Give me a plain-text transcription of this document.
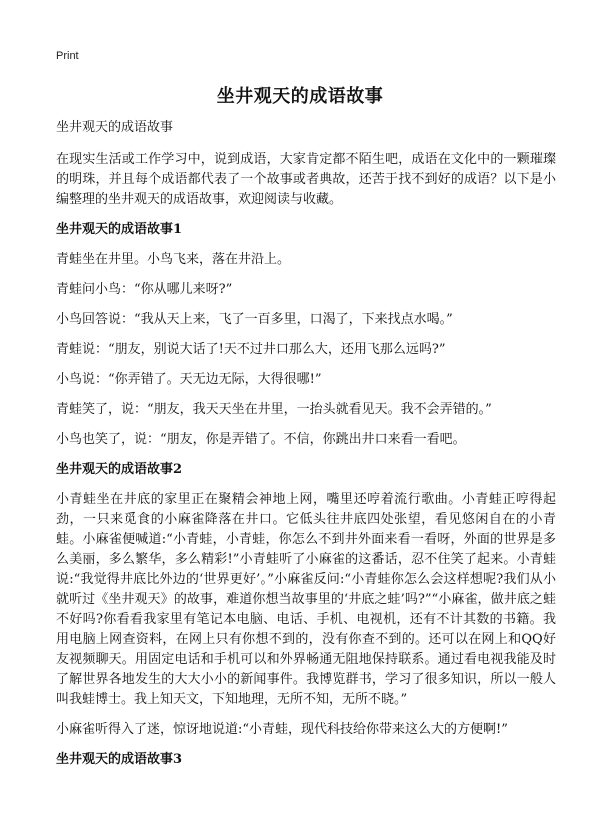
Print
坐井观天的成语故事

坐井观天的成语故事

在现实生活或工作学习中，说到成语，大家肯定都不陌生吧，成语在文化中的一颗璀璨的明珠，并且每个成语都代表了一个故事或者典故，还苦于找不到好的成语？以下是小编整理的坐井观天的成语故事，欢迎阅读与收藏。

坐井观天的成语故事1

青蛙坐在井里。小鸟飞来，落在井沿上。

青蛙问小鸟：“你从哪儿来呀?”

小鸟回答说：“我从天上来，飞了一百多里，口渴了，下来找点水喝。”

青蛙说：“朋友，别说大话了!天不过井口那么大，还用飞那么远吗?”

小鸟说：“你弄错了。天无边无际，大得很哪!”

青蛙笑了，说：“朋友，我天天坐在井里，一抬头就看见天。我不会弄错的。”

小鸟也笑了，说：“朋友，你是弄错了。不信，你跳出井口来看一看吧。

坐井观天的成语故事2

小青蛙坐在井底的家里正在聚精会神地上网，嘴里还哼着流行歌曲。小青蛙正哼得起劲，一只来觅食的小麻雀降落在井口。它低头往井底四处张望，看见悠闲自在的小青蛙。小麻雀便喊道:“小青蛙，小青蛙，你怎么不到井外面来看一看呀，外面的世界是多么美丽，多么繁华，多么精彩!”小青蛙听了小麻雀的这番话，忍不住笑了起来。小青蛙说:“我觉得井底比外边的‘世界更好’。”小麻雀反问:“小青蛙你怎么会这样想呢?我们从小就听过《坐井观天》的故事，难道你想当故事里的‘井底之蛙’吗?”“小麻雀，做井底之蛙不好吗?你看看我家里有笔记本电脑、电话、手机、电视机，还有不计其数的书籍。我用电脑上网查资料，在网上只有你想不到的，没有你查不到的。还可以在网上和QQ好友视频聊天。用固定电话和手机可以和外界畅通无阻地保持联系。通过看电视我能及时了解世界各地发生的大大小小的新闻事件。我博览群书，学习了很多知识，所以一般人叫我蛙博士。我上知天文，下知地理，无所不知，无所不晓。”

小麻雀听得入了迷，惊讶地说道:“小青蛙，现代科技给你带来这么大的方便啊!”

坐井观天的成语故事3
